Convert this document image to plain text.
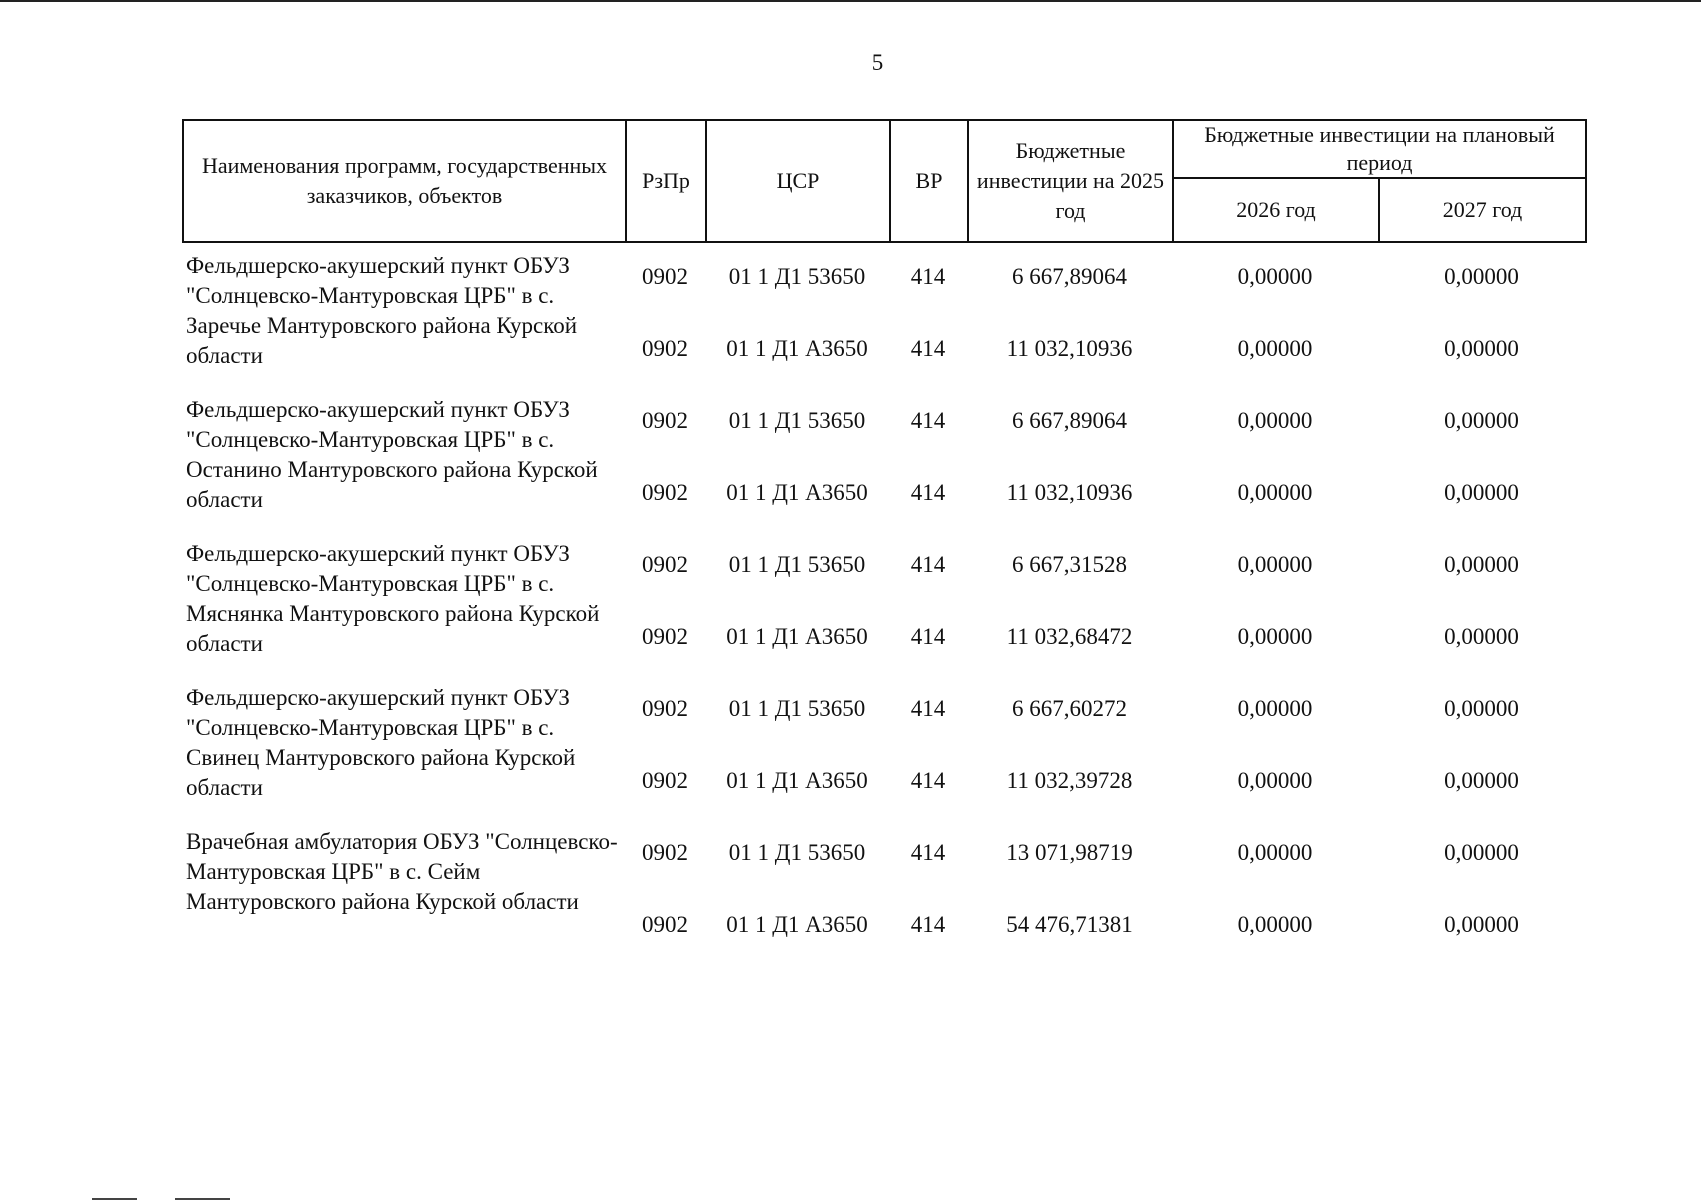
5
Наименования программ, государственных заказчиков, объектов	РзПр	ЦСР	ВР	Бюджетные инвестиции на 2025 год	Бюджетные инвестиции на плановый период	
					2026 год	2027 год
Фельдшерско-акушерский пункт ОБУЗ "Солнцевско-Мантуровская ЦРБ" в с. Заречье Мантуровского района Курской области
0902	01 1 Д1 53650	414	6 667,89064	0,00000	0,00000
0902	01 1 Д1 А3650	414	11 032,10936	0,00000	0,00000
Фельдшерско-акушерский пункт ОБУЗ "Солнцевско-Мантуровская ЦРБ" в с. Останино Мантуровского района Курской области
0902	01 1 Д1 53650	414	6 667,89064	0,00000	0,00000
0902	01 1 Д1 А3650	414	11 032,10936	0,00000	0,00000
Фельдшерско-акушерский пункт ОБУЗ "Солнцевско-Мантуровская ЦРБ" в с. Мяснянка Мантуровского района Курской области
0902	01 1 Д1 53650	414	6 667,31528	0,00000	0,00000
0902	01 1 Д1 А3650	414	11 032,68472	0,00000	0,00000
Фельдшерско-акушерский пункт ОБУЗ "Солнцевско-Мантуровская ЦРБ" в с. Свинец Мантуровского района Курской области
0902	01 1 Д1 53650	414	6 667,60272	0,00000	0,00000
0902	01 1 Д1 А3650	414	11 032,39728	0,00000	0,00000
Врачебная амбулатория ОБУЗ "Солнцевско-Мантуровская ЦРБ" в с. Сейм Мантуровского района Курской области
0902	01 1 Д1 53650	414	13 071,98719	0,00000	0,00000
0902	01 1 Д1 А3650	414	54 476,71381	0,00000	0,00000
